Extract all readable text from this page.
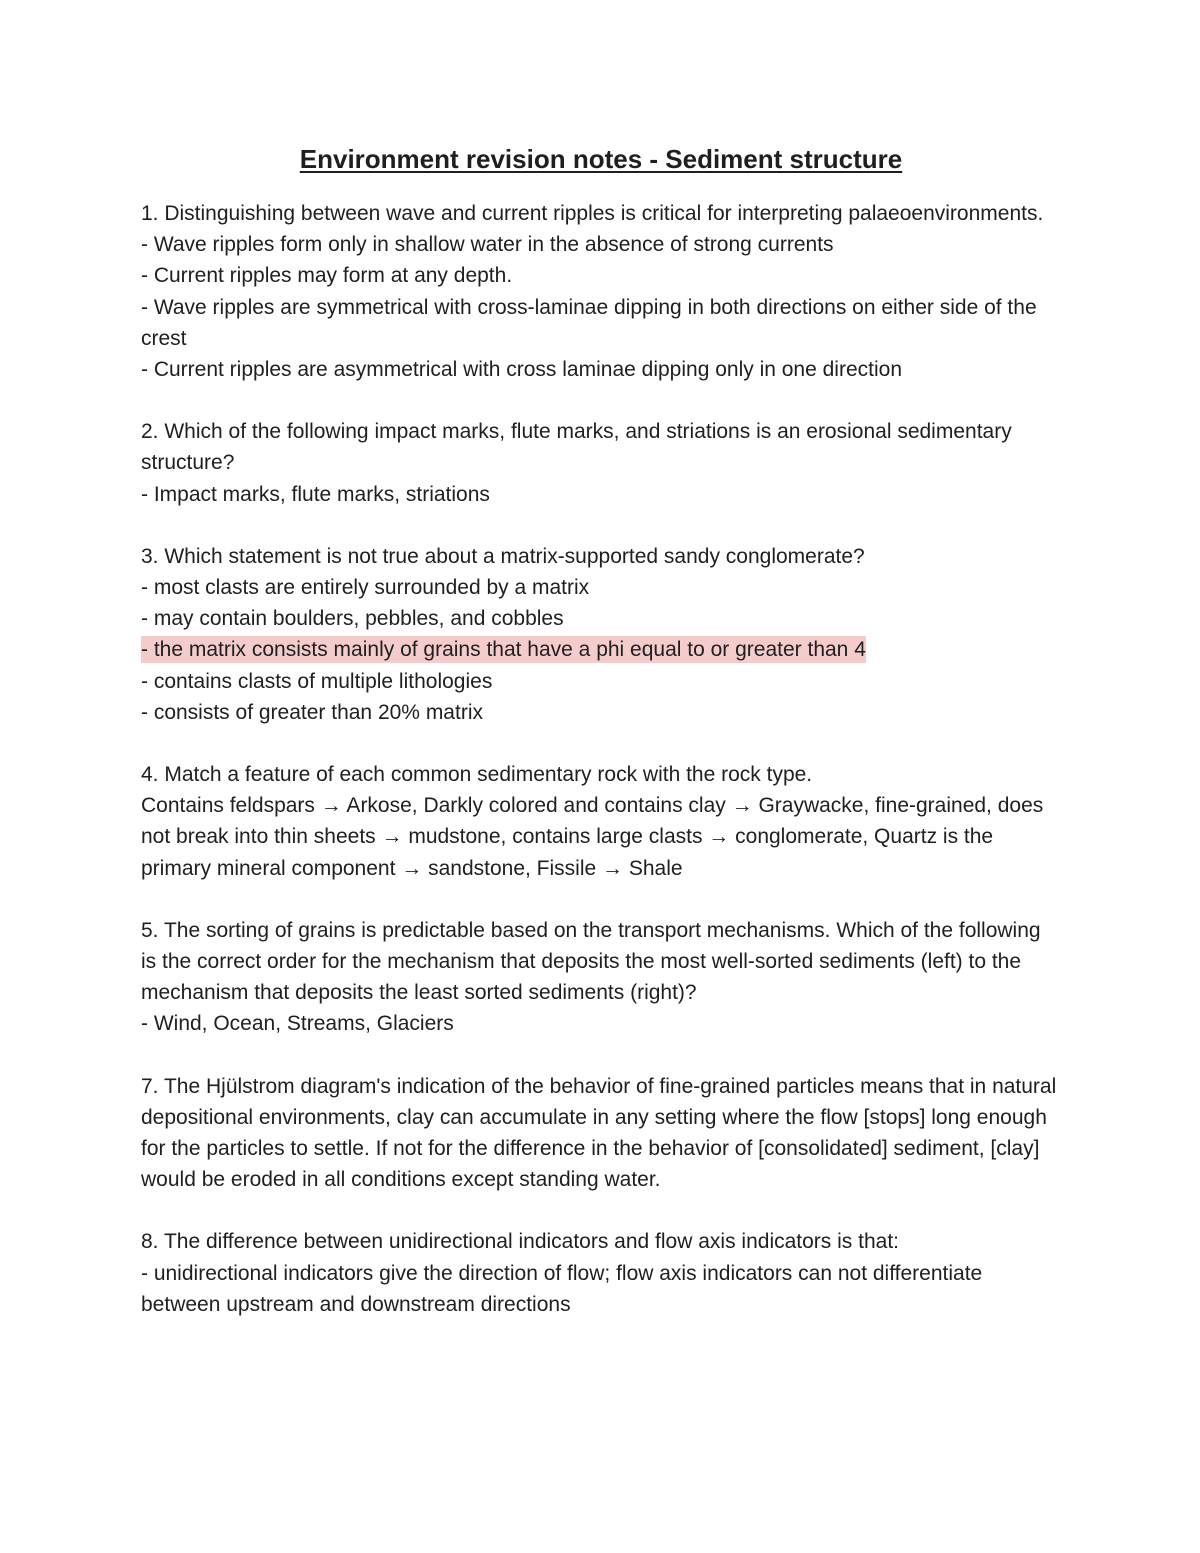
Environment revision notes - Sediment structure

1. Distinguishing between wave and current ripples is critical for interpreting palaeoenvironments.

- Wave ripples form only in shallow water in the absence of strong currents

- Current ripples may form at any depth.

- Wave ripples are symmetrical with cross-laminae dipping in both directions on either side of the crest

- Current ripples are asymmetrical with cross laminae dipping only in one direction

2. Which of the following impact marks, flute marks, and striations is an erosional sedimentary structure?

- Impact marks, flute marks, striations

3. Which statement is not true about a matrix-supported sandy conglomerate?

- most clasts are entirely surrounded by a matrix

- may contain boulders, pebbles, and cobbles

- the matrix consists mainly of grains that have a phi equal to or greater than 4

- contains clasts of multiple lithologies

- consists of greater than 20% matrix

4. Match a feature of each common sedimentary rock with the rock type.

Contains feldspars → Arkose, Darkly colored and contains clay → Graywacke, fine-grained, does not break into thin sheets → mudstone, contains large clasts → conglomerate, Quartz is the primary mineral component → sandstone, Fissile → Shale

5. The sorting of grains is predictable based on the transport mechanisms. Which of the following is the correct order for the mechanism that deposits the most well-sorted sediments (left) to the mechanism that deposits the least sorted sediments (right)?

- Wind, Ocean, Streams, Glaciers

7. The Hjülstrom diagram's indication of the behavior of fine-grained particles means that in natural depositional environments, clay can accumulate in any setting where the flow [stops] long enough for the particles to settle. If not for the difference in the behavior of [consolidated] sediment, [clay] would be eroded in all conditions except standing water.

8. The difference between unidirectional indicators and flow axis indicators is that:

- unidirectional indicators give the direction of flow; flow axis indicators can not differentiate between upstream and downstream directions
